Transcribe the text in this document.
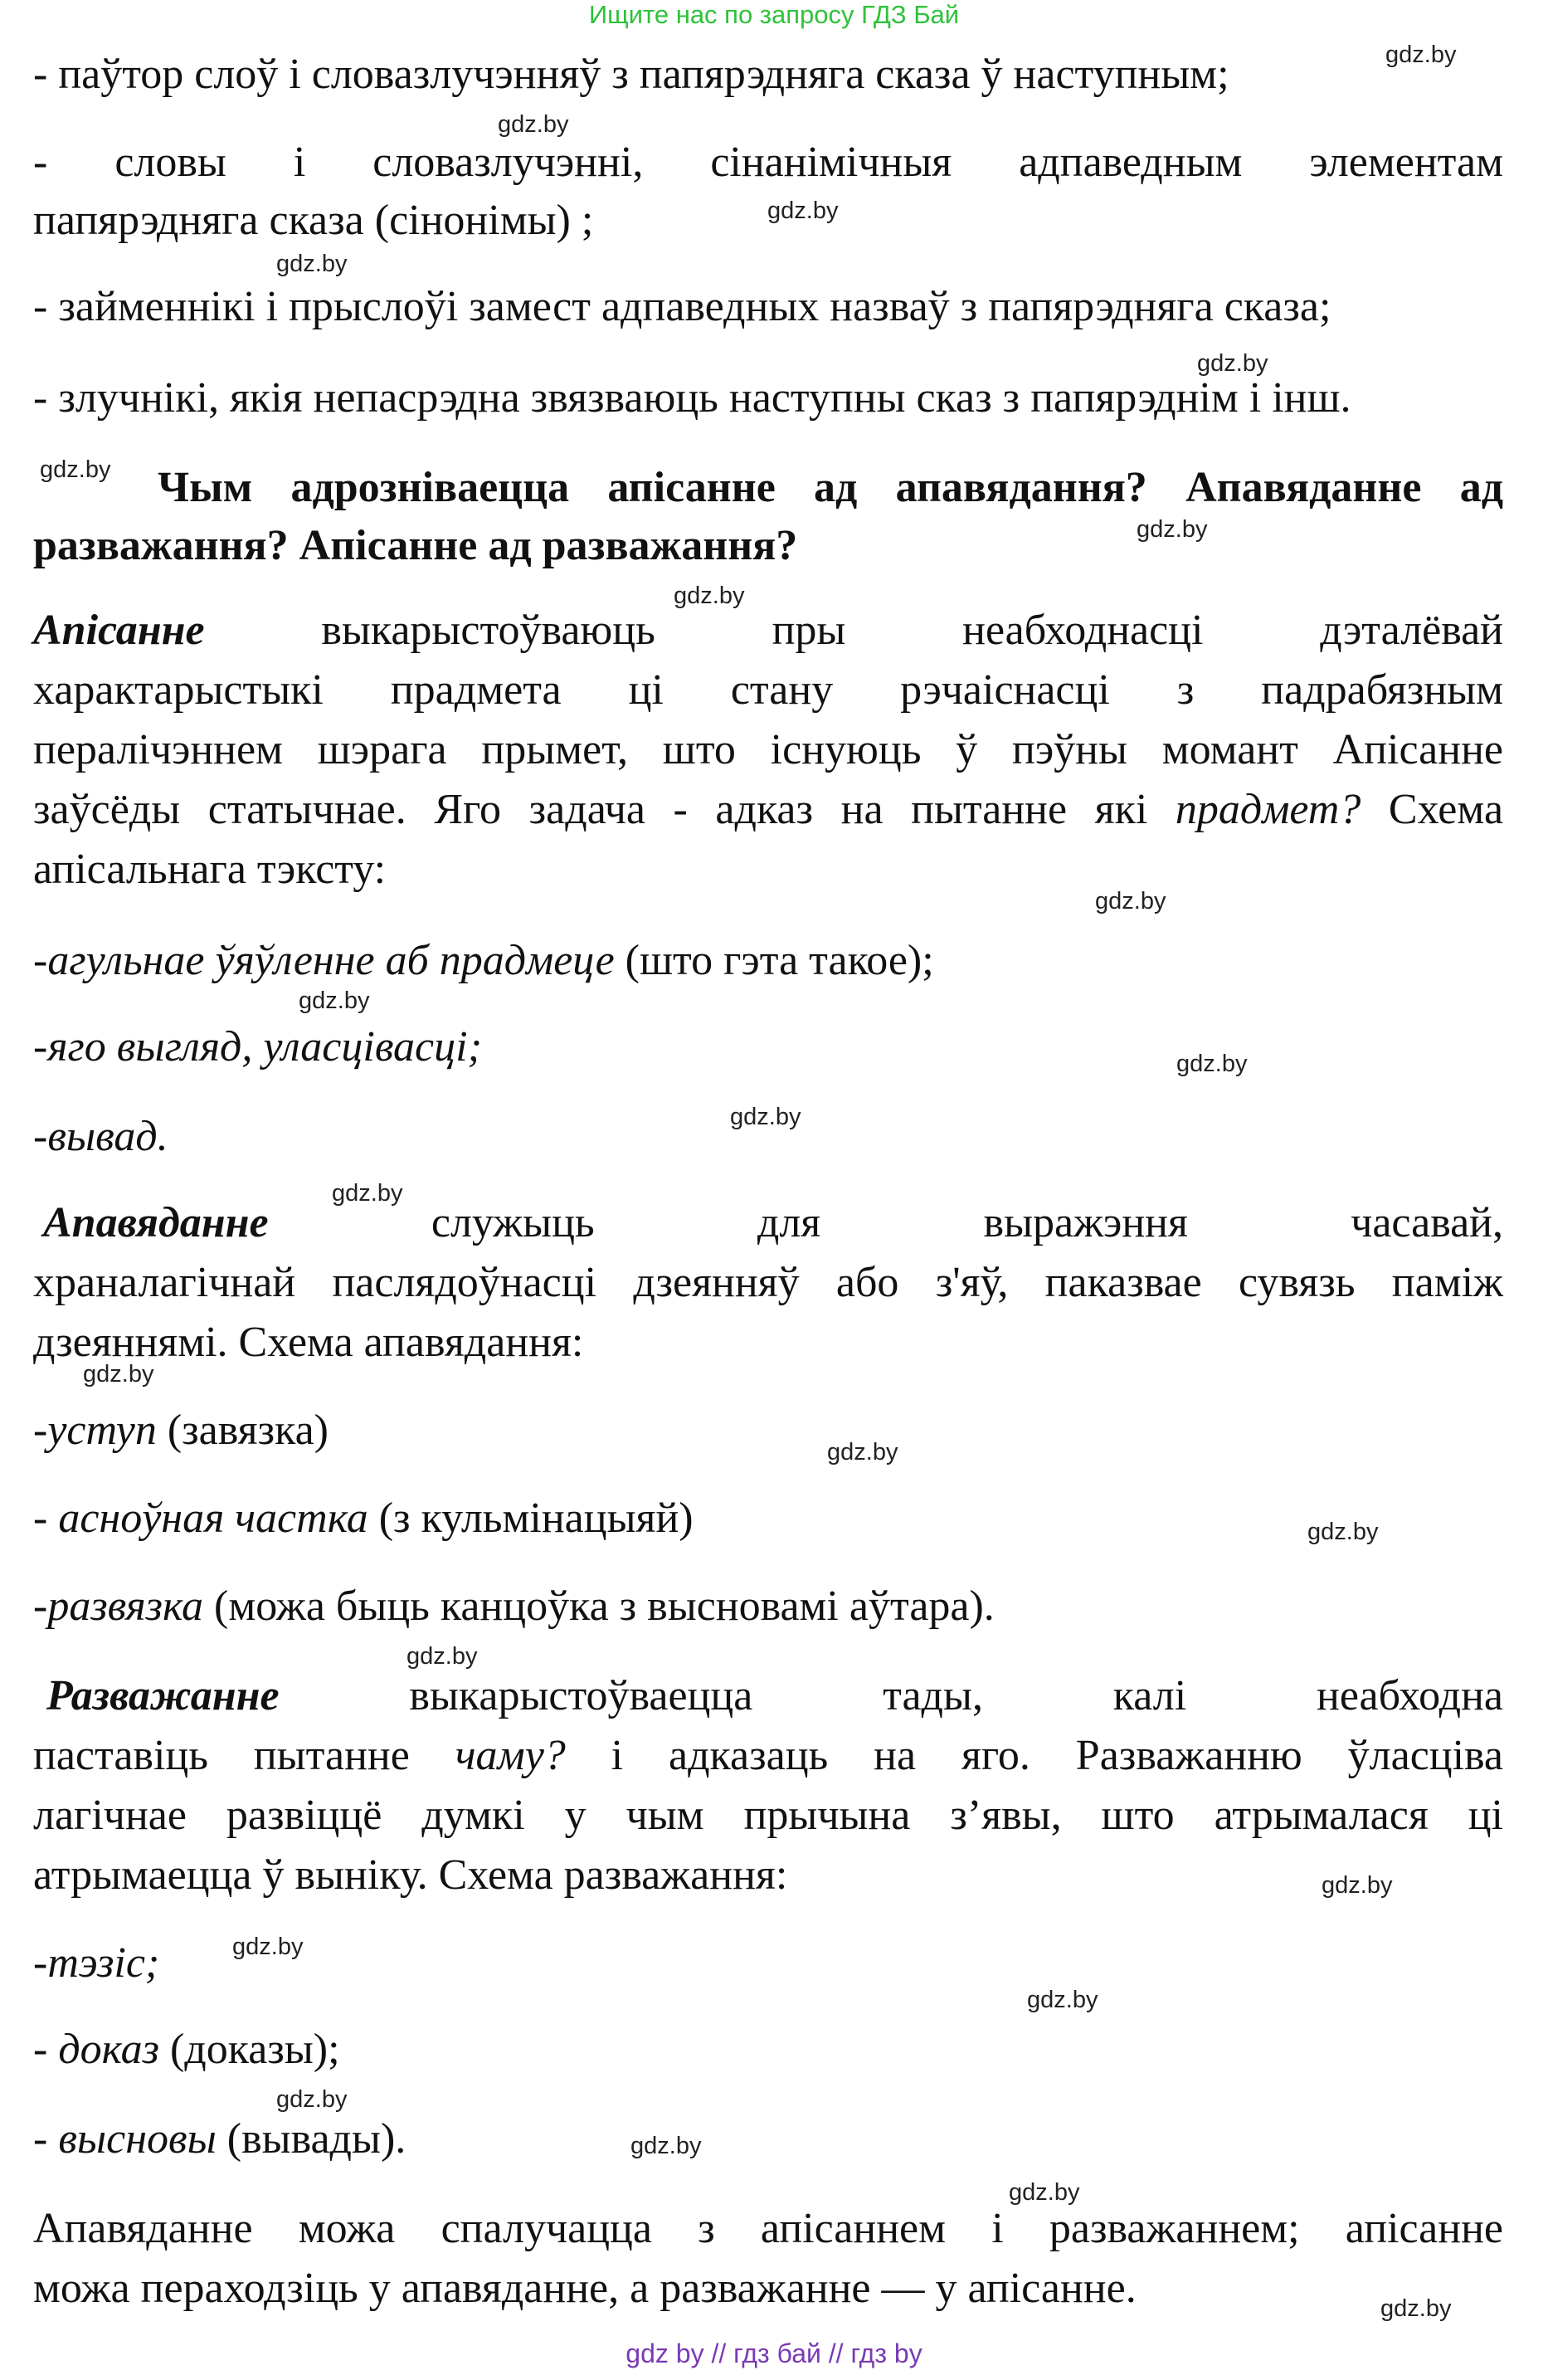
Ищите нас по запросу ГДЗ Бай
gdz.by
gdz.by
gdz.by
gdz.by
gdz.by
gdz.by
gdz.by
gdz.by
gdz.by
gdz.by
gdz.by
gdz.by
gdz.by
gdz.by
gdz.by
gdz.by
gdz.by
gdz.by
gdz.by
gdz.by
gdz.by
gdz.by
gdz.by
gdz.by
- паўтор слоў і словазлучэнняў з папярэдняга сказа ў наступным;
- словы і словазлучэнні, сінанімічныя адпаведным элементам
папярэдняга сказа (сінонімы) ;
- займеннікі і прыслоўі замест адпаведных назваў з папярэдняга сказа;
- злучнікі, якія непасрэдна звязваюць наступны сказ з папярэднім і інш.
Чым адрозніваецца апісанне ад апавядання? Апавяданне ад
разважання? Апісанне ад разважання?
Апісанне	выкарыстоўваюць пры неабходнасці дэталёвай
характарыстыкі прадмета ці стану рэчаіснасці з падрабязным
пералічэннем шэрага прымет, што існуюць ў пэўны момант Апісанне
заўсёды статычнае. Яго задача - адказ на пытанне які прадмет? Схема
апісальнага тэксту:
-агульнае ўяўленне аб прадмеце (што гэта такое);
-яго выгляд, уласцівасці;
-вывад.
Апавяданне	служыць для выражэння часавай,
храналагічнай паслядоўнасці дзеянняў або з'яў, паказвае сувязь паміж
дзеяннямі. Схема апавядання:
-уступ (завязка)
- асноўная частка (з кульмінацыяй)
-развязка (можа быць канцоўка з высновамі аўтара).
Разважанне	выкарыстоўваецца тады, калі неабходна
паставіць пытанне чаму? і адказаць на яго. Разважанню ўласціва
лагічнае развіццё думкі у чым прычына з’явы, што атрымалася ці
атрымаецца ў выніку. Схема разважання:
-тэзіс;
- доказ (доказы);
- высновы (вывады).
Апавяданне можа спалучацца з апісаннем і разважаннем; апісанне
можа пераходзіць у апавяданне, а разважанне — у апісанне.
gdz by // гдз бай // гдз by
